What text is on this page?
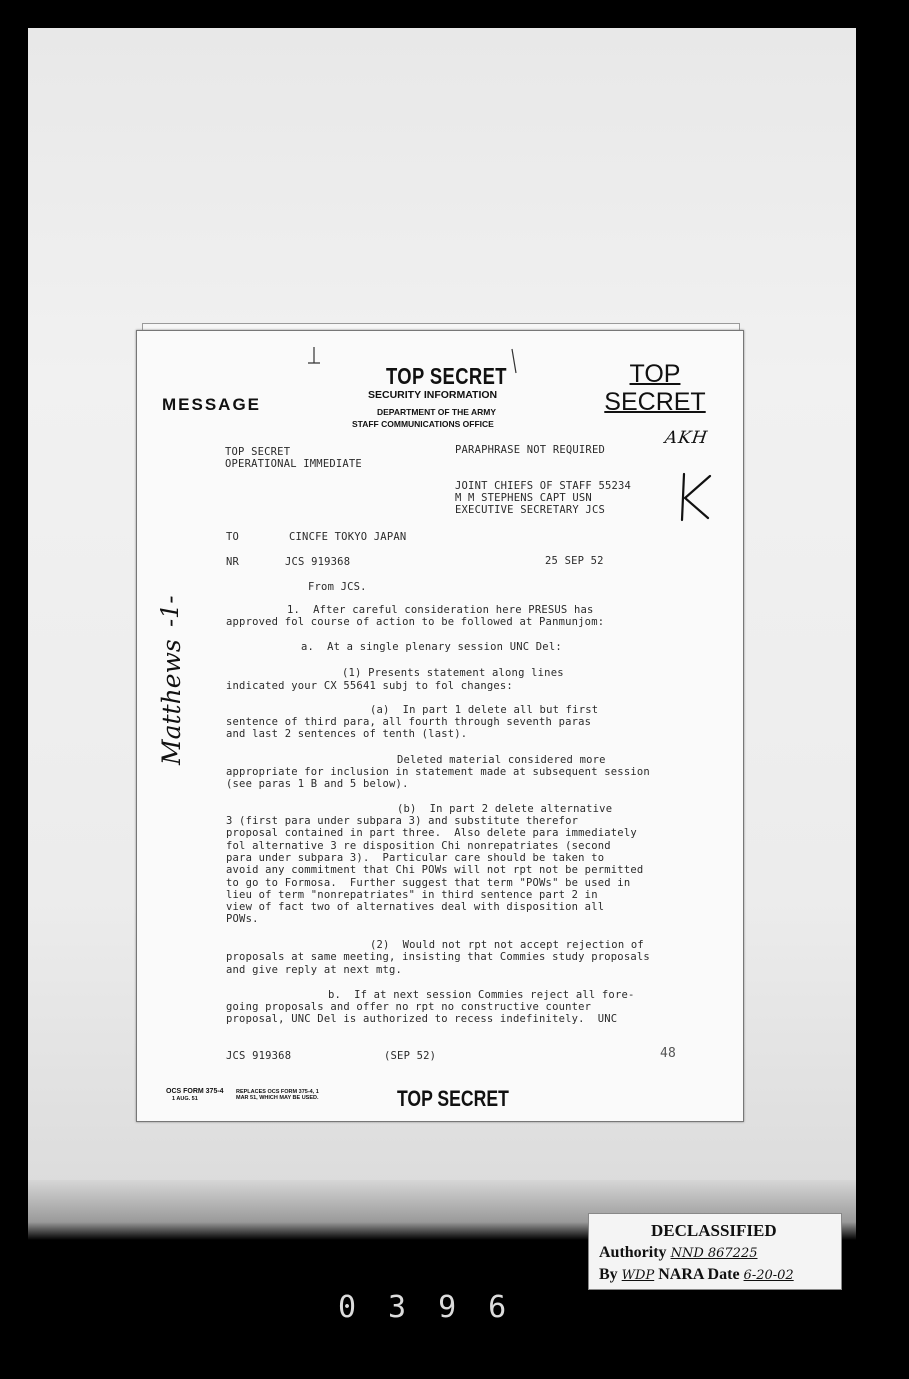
MESSAGE
TOP SECRET
SECURITY INFORMATION
DEPARTMENT OF THE ARMY
STAFF COMMUNICATIONS OFFICE
TOP
SECRET
AKH
Matthews
-1-
TOP SECRET
OPERATIONAL IMMEDIATE
PARAPHRASE NOT REQUIRED
JOINT CHIEFS OF STAFF 55234
M M STEPHENS CAPT USN
EXECUTIVE SECRETARY JCS
TO	CINCFE TOKYO JAPAN
NR	JCS 919368	25 SEP 52
From JCS.
1.  After careful consideration here PRESUS has
approved fol course of action to be followed at Panmunjom:
a.  At a single plenary session UNC Del:
(1) Presents statement along lines
indicated your CX 55641 subj to fol changes:
(a)  In part 1 delete all but first
sentence of third para, all fourth through seventh paras
and last 2 sentences of tenth (last).
Deleted material considered more
appropriate for inclusion in statement made at subsequent session
(see paras 1 B and 5 below).
(b)  In part 2 delete alternative
3 (first para under subpara 3) and substitute therefor
proposal contained in part three.  Also delete para immediately
fol alternative 3 re disposition Chi nonrepatriates (second
para under subpara 3).  Particular care should be taken to
avoid any commitment that Chi POWs will not rpt not be permitted
to go to Formosa.  Further suggest that term "POWs" be used in
lieu of term "nonrepatriates" in third sentence part 2 in
view of fact two of alternatives deal with disposition all
POWs.
(2)  Would not rpt not accept rejection of
proposals at same meeting, insisting that Commies study proposals
and give reply at next mtg.
b.  If at next session Commies reject all fore-
going proposals and offer no rpt no constructive counter
proposal, UNC Del is authorized to recess indefinitely.  UNC
JCS 919368	(SEP 52)	48
OCS FORM 375-4
1 AUG. 51
REPLACES OCS FORM 375-4, 1 MAR 51, WHICH MAY BE USED.	TOP SECRET
DECLASSIFIED
Authority NND 867225
By WDP NARA Date 6-20-02
0396
